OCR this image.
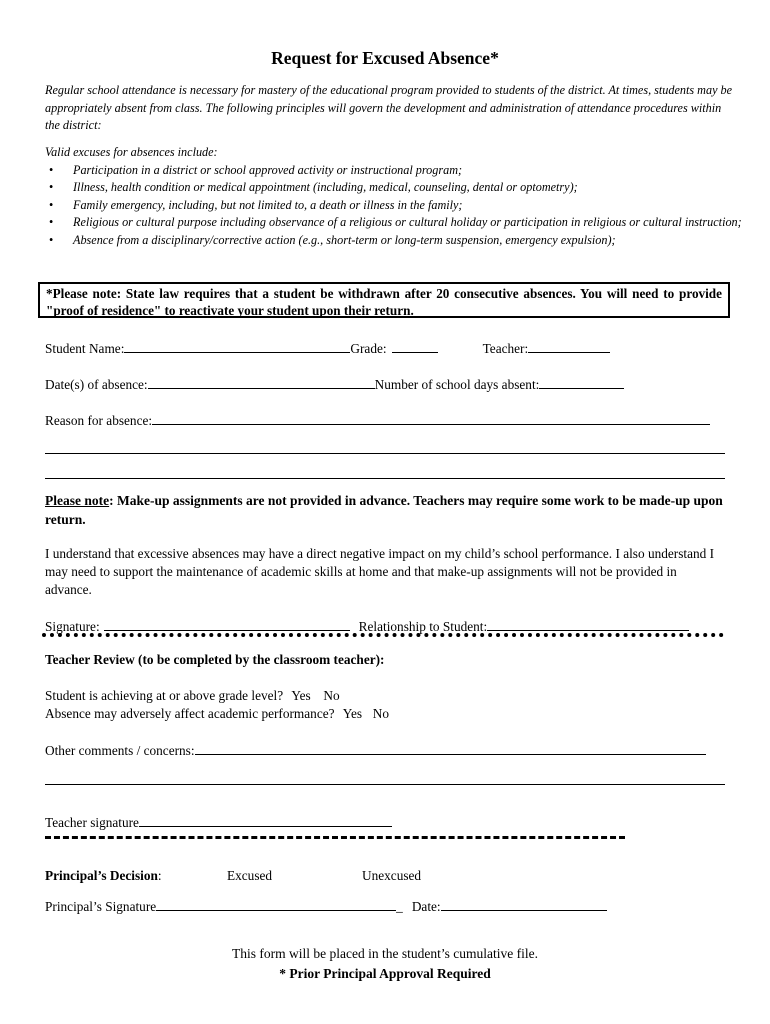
Request for Excused Absence*
Regular school attendance is necessary for mastery of the educational program provided to students of the district. At times, students may be appropriately absent from class. The following principles will govern the development and administration of attendance procedures within the district:
Valid excuses for absences include:
• Participation in a district or school approved activity or instructional program;
• Illness, health condition or medical appointment (including, medical, counseling, dental or optometry);
• Family emergency, including, but not limited to, a death or illness in the family;
• Religious or cultural purpose including observance of a religious or cultural holiday or participation in religious or cultural instruction;
• Absence from a disciplinary/corrective action (e.g., short-term or long-term suspension, emergency expulsion);
*Please note: State law requires that a student be withdrawn after 20 consecutive absences. You will need to provide "proof of residence" to reactivate your student upon their return.
Student Name:	Grade:	Teacher:
Date(s) of absence:	Number of school days absent:
Reason for absence:
Please note: Make-up assignments are not provided in advance. Teachers may require some work to be made-up upon return.
I understand that excessive absences may have a direct negative impact on my child’s school performance. I also understand I may need to support the maintenance of academic skills at home and that make-up assignments will not be provided in advance.
Signature:	Relationship to Student:
Teacher Review (to be completed by the classroom teacher):
Student is achieving at or above grade level? Yes No
Absence may adversely affect academic performance? Yes No
Other comments / concerns:
Teacher signature
Principal’s Decision:	Excused	Unexcused
Principal’s Signature	_ Date:
This form will be placed in the student’s cumulative file.
* Prior Principal Approval Required
